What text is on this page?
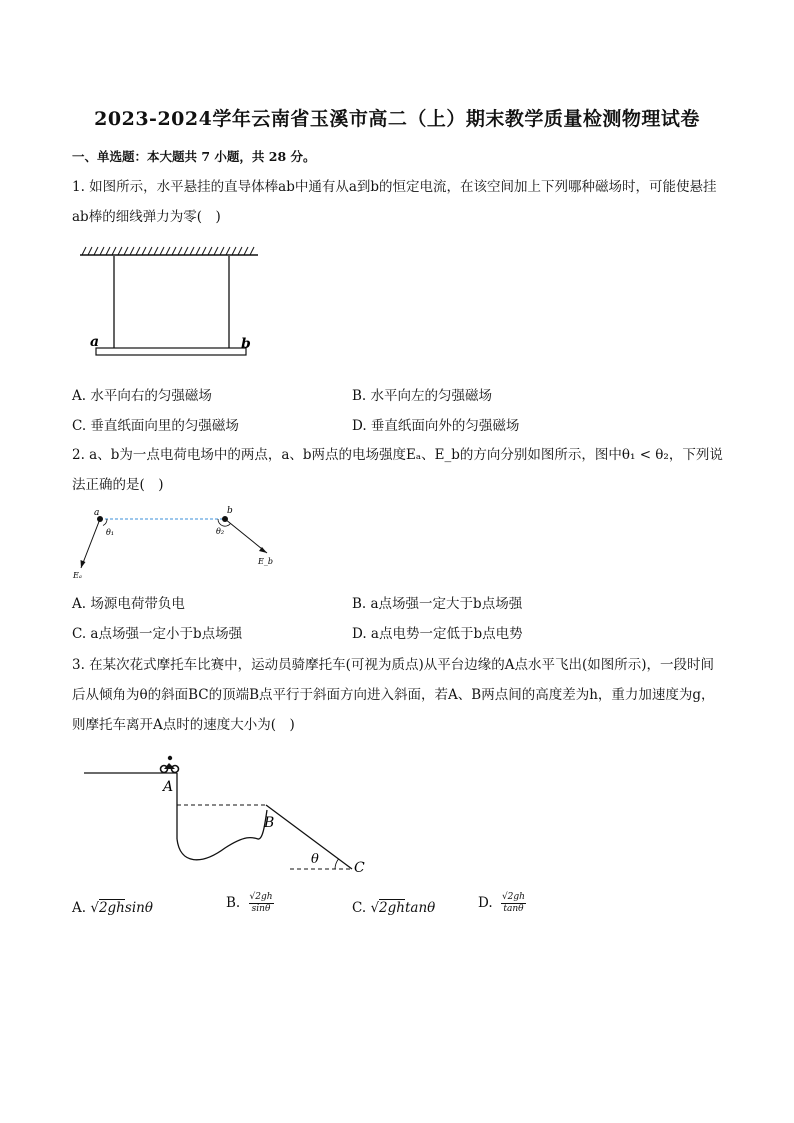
2023-2024学年云南省玉溪市高二（上）期末教学质量检测物理试卷
一、单选题：本大题共 7 小题，共 28 分。
1. 如图所示，水平悬挂的直导体棒ab中通有从a到b的恒定电流，在该空间加上下列哪种磁场时，可能使悬挂ab棒的细线弹力为零(　)
a	b
A. 水平向右的匀强磁场	B. 水平向左的匀强磁场
C. 垂直纸面向里的匀强磁场	D. 垂直纸面向外的匀强磁场
2. a、b为一点电荷电场中的两点，a、b两点的电场强度Eₐ、E_b的方向分别如图所示，图中θ₁ < θ₂，下列说法正确的是(　)
a	b
θ₁	θ₂
Eₐ
E_b
A. 场源电荷带负电	B. a点场强一定大于b点场强
C. a点场强一定小于b点场强	D. a点电势一定低于b点电势
3. 在某次花式摩托车比赛中，运动员骑摩托车(可视为质点)从平台边缘的A点水平飞出(如图所示)，一段时间后从倾角为θ的斜面BC的顶端B点平行于斜面方向进入斜面，若A、B两点间的高度差为h，重力加速度为g，则摩托车离开A点时的速度大小为(　)
A
B
C
θ
A. √2ghsinθ	B. $\frac{√2gh}{\sin\theta}$	C. √2ghtanθ	D. $\frac{√2gh}{\tan\theta}$
